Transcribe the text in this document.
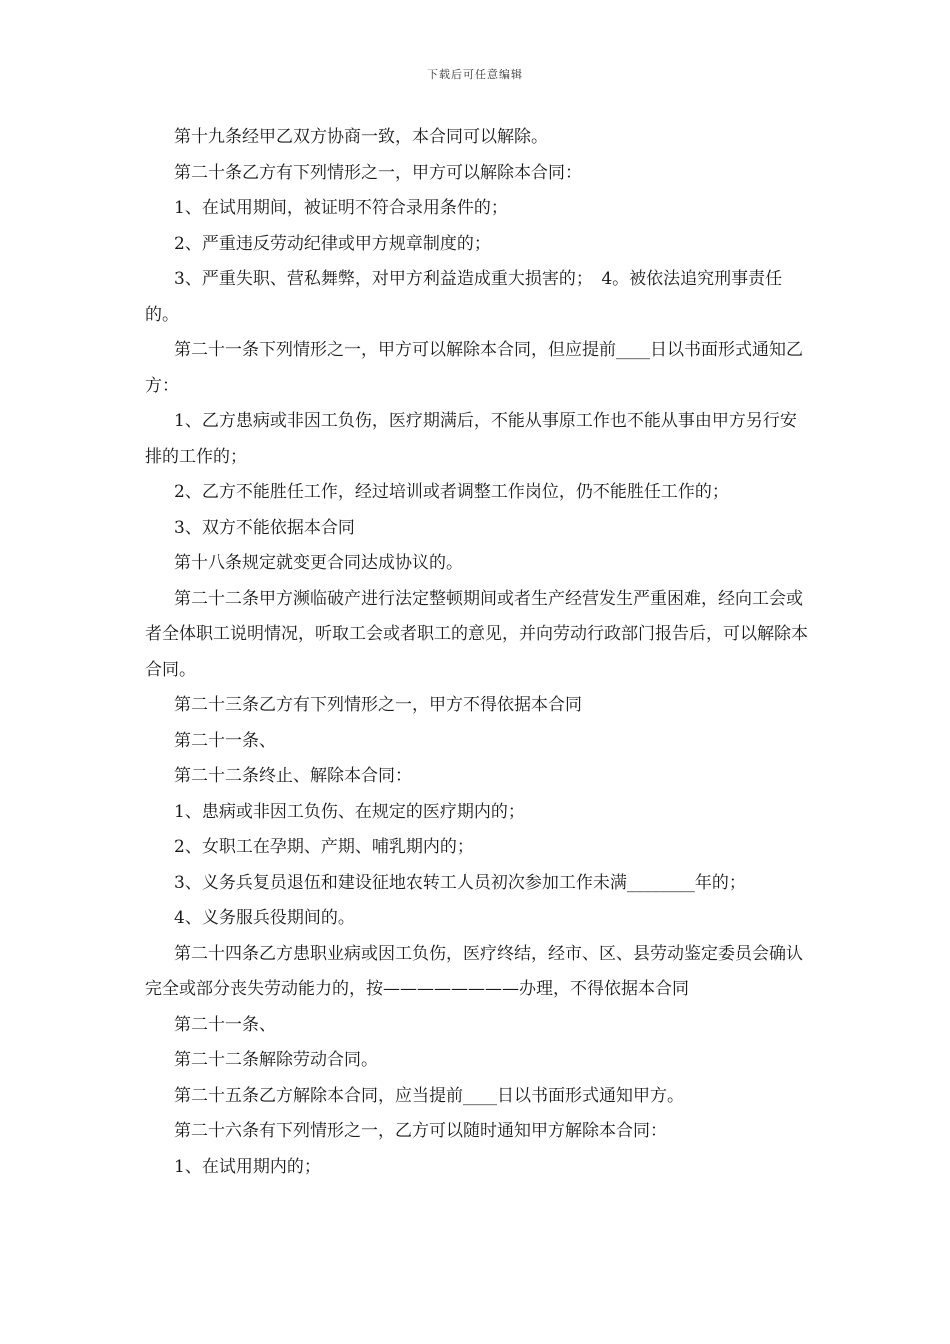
下载后可任意编辑

第十九条经甲乙双方协商一致，本合同可以解除。

第二十条乙方有下列情形之一，甲方可以解除本合同：

1、在试用期间，被证明不符合录用条件的；

2、严重违反劳动纪律或甲方规章制度的；

3、严重失职、营私舞弊，对甲方利益造成重大损害的；　4。被依法追究刑事责任的。

第二十一条下列情形之一，甲方可以解除本合同，但应提前____日以书面形式通知乙方：

1、乙方患病或非因工负伤，医疗期满后，不能从事原工作也不能从事由甲方另行安排的工作的；

2、乙方不能胜任工作，经过培训或者调整工作岗位，仍不能胜任工作的；

3、双方不能依据本合同

第十八条规定就变更合同达成协议的。

第二十二条甲方濒临破产进行法定整顿期间或者生产经营发生严重困难，经向工会或者全体职工说明情况，听取工会或者职工的意见，并向劳动行政部门报告后，可以解除本合同。

第二十三条乙方有下列情形之一，甲方不得依据本合同

第二十一条、

第二十二条终止、解除本合同：

1、患病或非因工负伤、在规定的医疗期内的；

2、女职工在孕期、产期、哺乳期内的；

3、义务兵复员退伍和建设征地农转工人员初次参加工作未满________年的；

4、义务服兵役期间的。

第二十四条乙方患职业病或因工负伤，医疗终结，经市、区、县劳动鉴定委员会确认完全或部分丧失劳动能力的，按————————办理，不得依据本合同

第二十一条、

第二十二条解除劳动合同。

第二十五条乙方解除本合同，应当提前____日以书面形式通知甲方。

第二十六条有下列情形之一，乙方可以随时通知甲方解除本合同：

1、在试用期内的；
